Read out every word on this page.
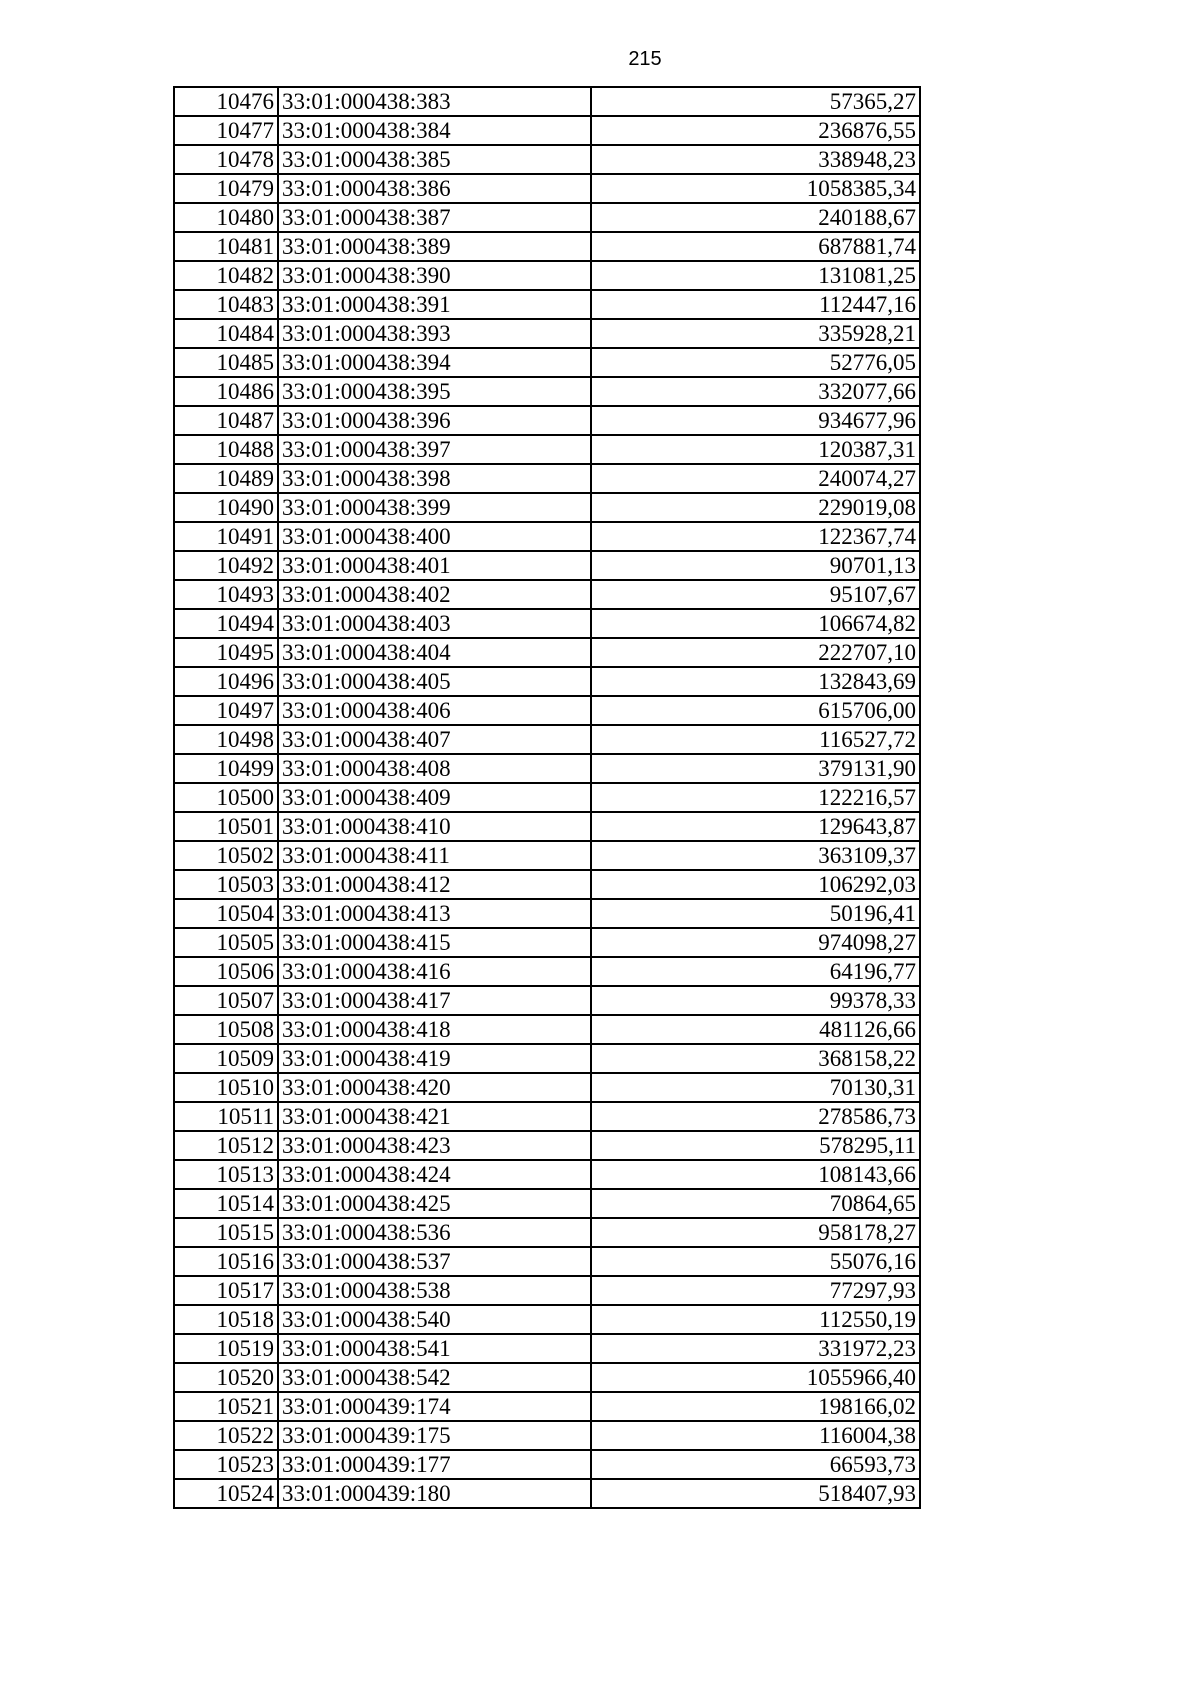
215
10476	33:01:000438:383	57365,27
10477	33:01:000438:384	236876,55
10478	33:01:000438:385	338948,23
10479	33:01:000438:386	1058385,34
10480	33:01:000438:387	240188,67
10481	33:01:000438:389	687881,74
10482	33:01:000438:390	131081,25
10483	33:01:000438:391	112447,16
10484	33:01:000438:393	335928,21
10485	33:01:000438:394	52776,05
10486	33:01:000438:395	332077,66
10487	33:01:000438:396	934677,96
10488	33:01:000438:397	120387,31
10489	33:01:000438:398	240074,27
10490	33:01:000438:399	229019,08
10491	33:01:000438:400	122367,74
10492	33:01:000438:401	90701,13
10493	33:01:000438:402	95107,67
10494	33:01:000438:403	106674,82
10495	33:01:000438:404	222707,10
10496	33:01:000438:405	132843,69
10497	33:01:000438:406	615706,00
10498	33:01:000438:407	116527,72
10499	33:01:000438:408	379131,90
10500	33:01:000438:409	122216,57
10501	33:01:000438:410	129643,87
10502	33:01:000438:411	363109,37
10503	33:01:000438:412	106292,03
10504	33:01:000438:413	50196,41
10505	33:01:000438:415	974098,27
10506	33:01:000438:416	64196,77
10507	33:01:000438:417	99378,33
10508	33:01:000438:418	481126,66
10509	33:01:000438:419	368158,22
10510	33:01:000438:420	70130,31
10511	33:01:000438:421	278586,73
10512	33:01:000438:423	578295,11
10513	33:01:000438:424	108143,66
10514	33:01:000438:425	70864,65
10515	33:01:000438:536	958178,27
10516	33:01:000438:537	55076,16
10517	33:01:000438:538	77297,93
10518	33:01:000438:540	112550,19
10519	33:01:000438:541	331972,23
10520	33:01:000438:542	1055966,40
10521	33:01:000439:174	198166,02
10522	33:01:000439:175	116004,38
10523	33:01:000439:177	66593,73
10524	33:01:000439:180	518407,93
